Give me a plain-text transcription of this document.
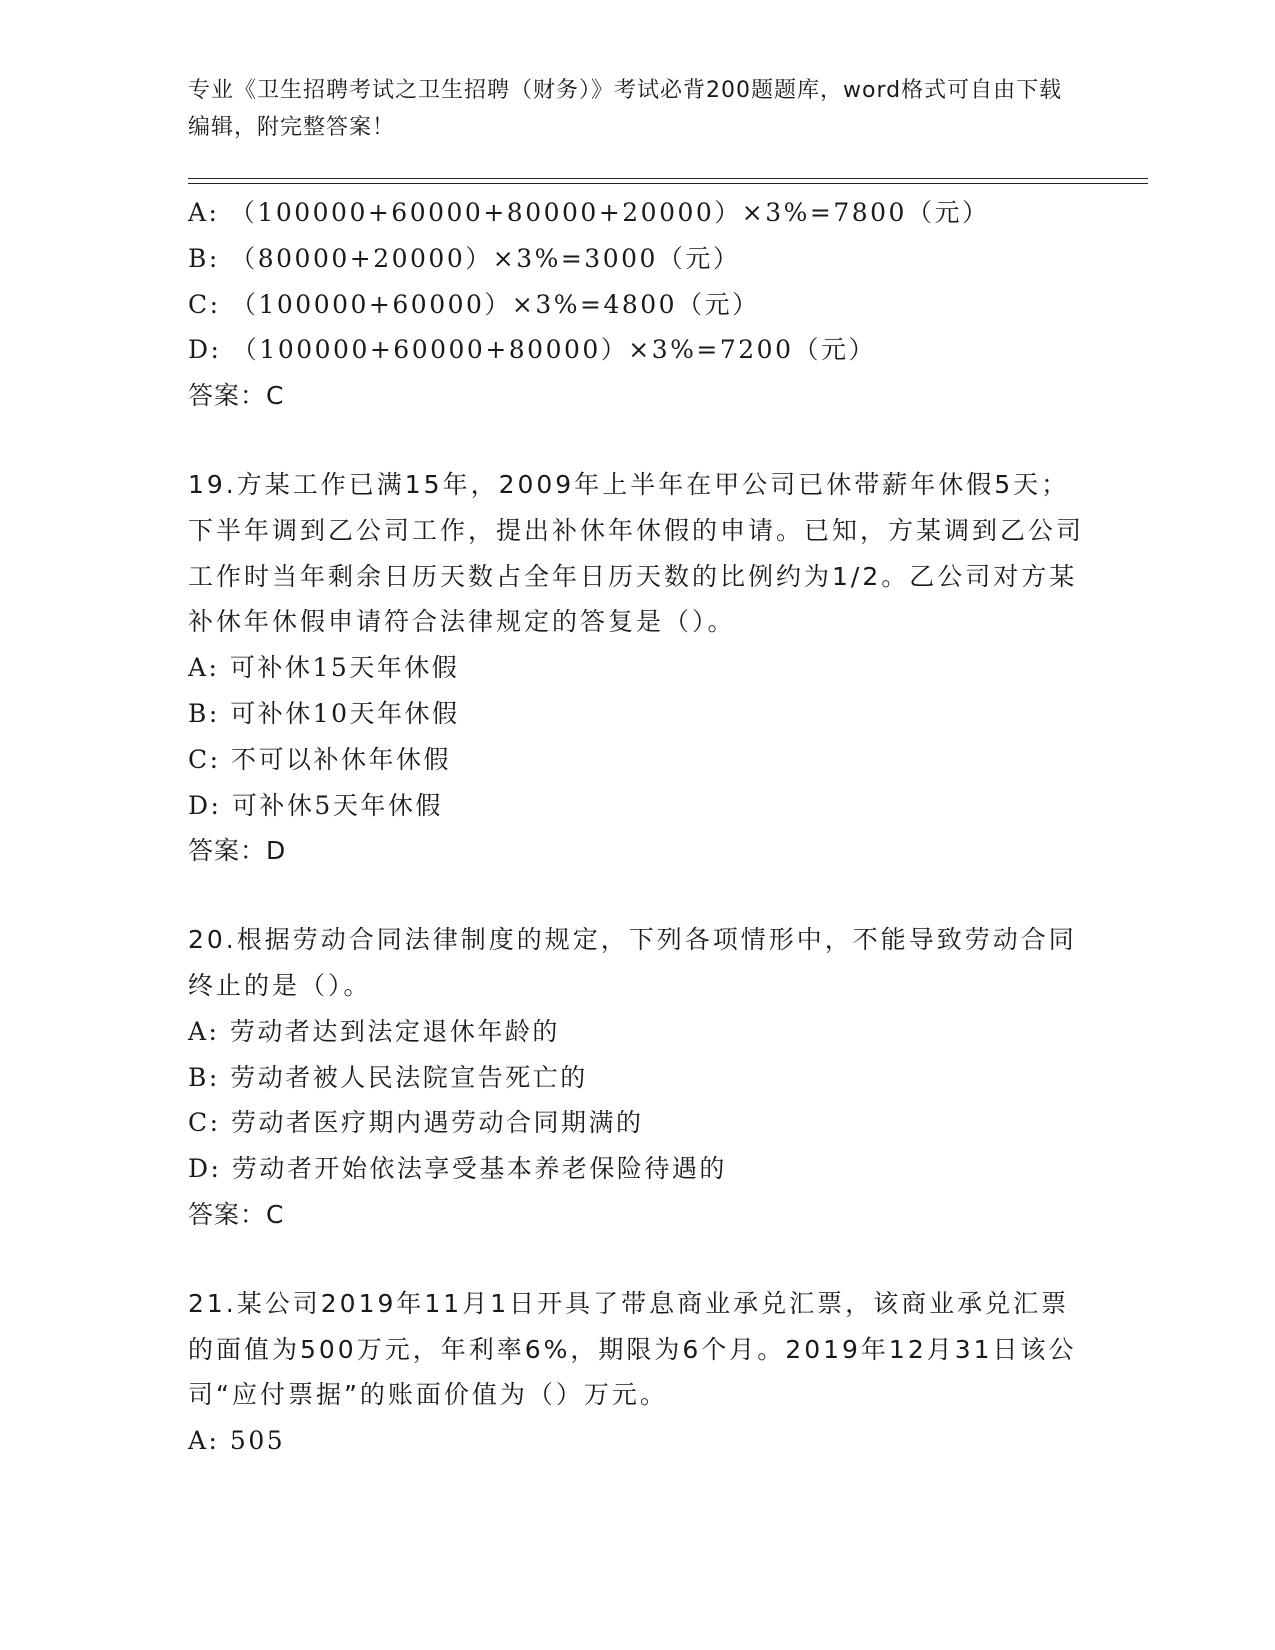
专业《卫生招聘考试之卫生招聘（财务）》考试必背200题题库，word格式可自由下载编辑，附完整答案！
A: （100000+60000+80000+20000）×3%=7800（元）
B: （80000+20000）×3%=3000（元）
C: （100000+60000）×3%=4800（元）
D: （100000+60000+80000）×3%=7200（元）
答案：C
19.方某工作已满15年，2009年上半年在甲公司已休带薪年休假5天；下半年调到乙公司工作，提出补休年休假的申请。已知，方某调到乙公司工作时当年剩余日历天数占全年日历天数的比例约为1/2。乙公司对方某补休年休假申请符合法律规定的答复是（）。
A: 可补休15天年休假
B: 可补休10天年休假
C: 不可以补休年休假
D: 可补休5天年休假
答案：D
20.根据劳动合同法律制度的规定，下列各项情形中，不能导致劳动合同终止的是（）。
A: 劳动者达到法定退休年龄的
B: 劳动者被人民法院宣告死亡的
C: 劳动者医疗期内遇劳动合同期满的
D: 劳动者开始依法享受基本养老保险待遇的
答案：C
21.某公司2019年11月1日开具了带息商业承兑汇票，该商业承兑汇票的面值为500万元，年利率6%，期限为6个月。2019年12月31日该公司“应付票据”的账面价值为（）万元。
A: 505
